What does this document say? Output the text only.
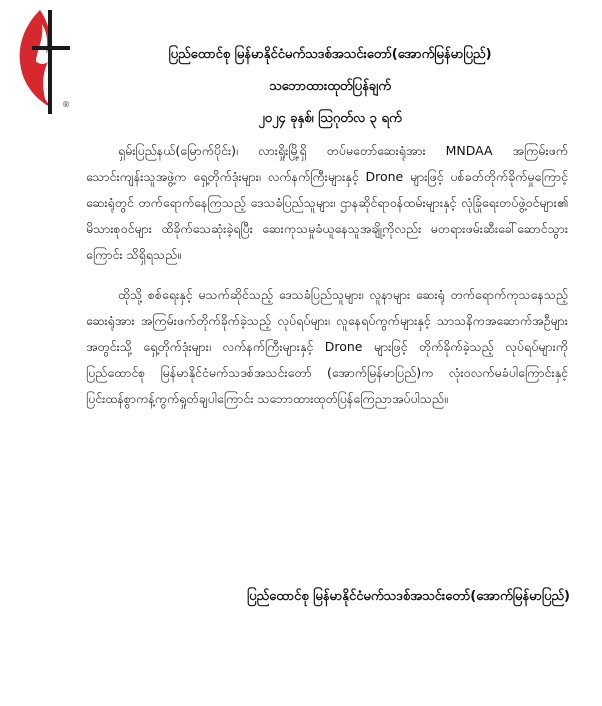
®
ပြည်ထောင်စု မြန်မာနိုင်ငံမက်သဒစ်အသင်းတော်(အောက်မြန်မာပြည်)
သဘောထားထုတ်ပြန်ချက်
၂၀၂၄ ခုနှစ်၊ ဩဂုတ်လ ၃ ရက်

ရှမ်းပြည်နယ်(မြောက်ပိုင်း)၊ လားရှိုးမြို့ရှိ တပ်မတော်ဆေးရုံအား MNDAA အကြမ်းဖက်သောင်းကျန်းသူအဖွဲ့က ရှေ့တိုက်ဒုံးများ၊ လက်နက်ကြီးများနှင့် Drone များဖြင့် ပစ်ခတ်တိုက်ခိုက်မှုကြောင့် ဆေးရုံတွင် တက်ရောက်နေကြသည့် ဒေသခံပြည်သူများ၊ ဌာနဆိုင်ရာဝန်ထမ်းများနှင့် လုံခြုံရေးတပ်ဖွဲ့ဝင်များ၏ မိသားစုဝင်များ ထိခိုက်သေဆုံးခဲ့ရပြီး ဆေးကုသမှုခံယူနေသူအချို့ကိုလည်း မတရားဖမ်းဆီးခေါ်ဆောင်သွားကြောင်း သိရှိရသည်။

ထိုသို့ စစ်ရေးနှင့် မသက်ဆိုင်သည့် ဒေသခံပြည်သူများ၊ လူနာများ ဆေးရုံ တက်ရောက်ကုသနေသည့် ဆေးရုံအား အကြမ်းဖက်တိုက်ခိုက်ခဲ့သည့် လုပ်ရပ်များ၊ လူနေရပ်ကွက်များနှင့် သာသနိကအဆောက်အဦများအတွင်းသို့ ရှေ့တိုက်ဒုံးများ၊ လက်နက်ကြီးများနှင့် Drone များဖြင့် တိုက်ခိုက်ခဲ့သည့် လုပ်ရပ်များကို ပြည်ထောင်စု မြန်မာနိုင်ငံမက်သဒစ်အသင်းတော် (အောက်မြန်မာပြည်)က လုံးဝလက်မခံပါကြောင်းနှင့် ပြင်းထန်စွာကန့်ကွက်ရှုတ်ချပါကြောင်း သဘောထားထုတ်ပြန်ကြေညာအပ်ပါသည်။

ပြည်ထောင်စု မြန်မာနိုင်ငံမက်သဒစ်အသင်းတော်(အောက်မြန်မာပြည်)
